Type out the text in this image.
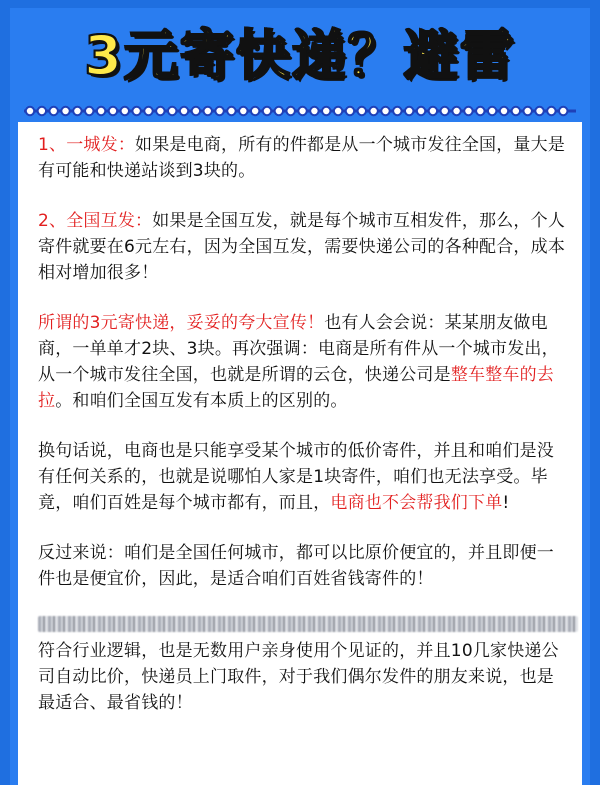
3元寄快递？避雷

1、一城发：如果是电商，所有的件都是从一个城市发往全国，量大是 有可能和快递站谈到3块的。

2、全国互发：如果是全国互发，就是每个城市互相发件，那么，个人寄件就要在6元左右，因为全国互发，需要快递公司的各种配合，成本相对增加很多！

所谓的3元寄快递，妥妥的夸大宣传！也有人会会说：某某朋友做电商，一单单才2块、3块。再次强调：电商是所有件从一个城市发出，从一个城市发往全国，也就是所谓的云仓，快递公司是整车整车的去拉。和咱们全国互发有本质上的区别的。

换句话说，电商也是只能享受某个城市的低价寄件，并且和咱们是没有任何关系的，也就是说哪怕人家是1块寄件，咱们也无法享受。毕竟，咱们百姓是每个城市都有，而且，电商也不会帮我们下单!

反过来说：咱们是全国任何城市，都可以比原价便宜的，并且即便一件也是便宜价，因此，是适合咱们百姓省钱寄件的！

符合行业逻辑，也是无数用户亲身使用个见证的，并且10几家快递公司自动比价，快递员上门取件，对于我们偶尔发件的朋友来说，也是最适合、最省钱的！
